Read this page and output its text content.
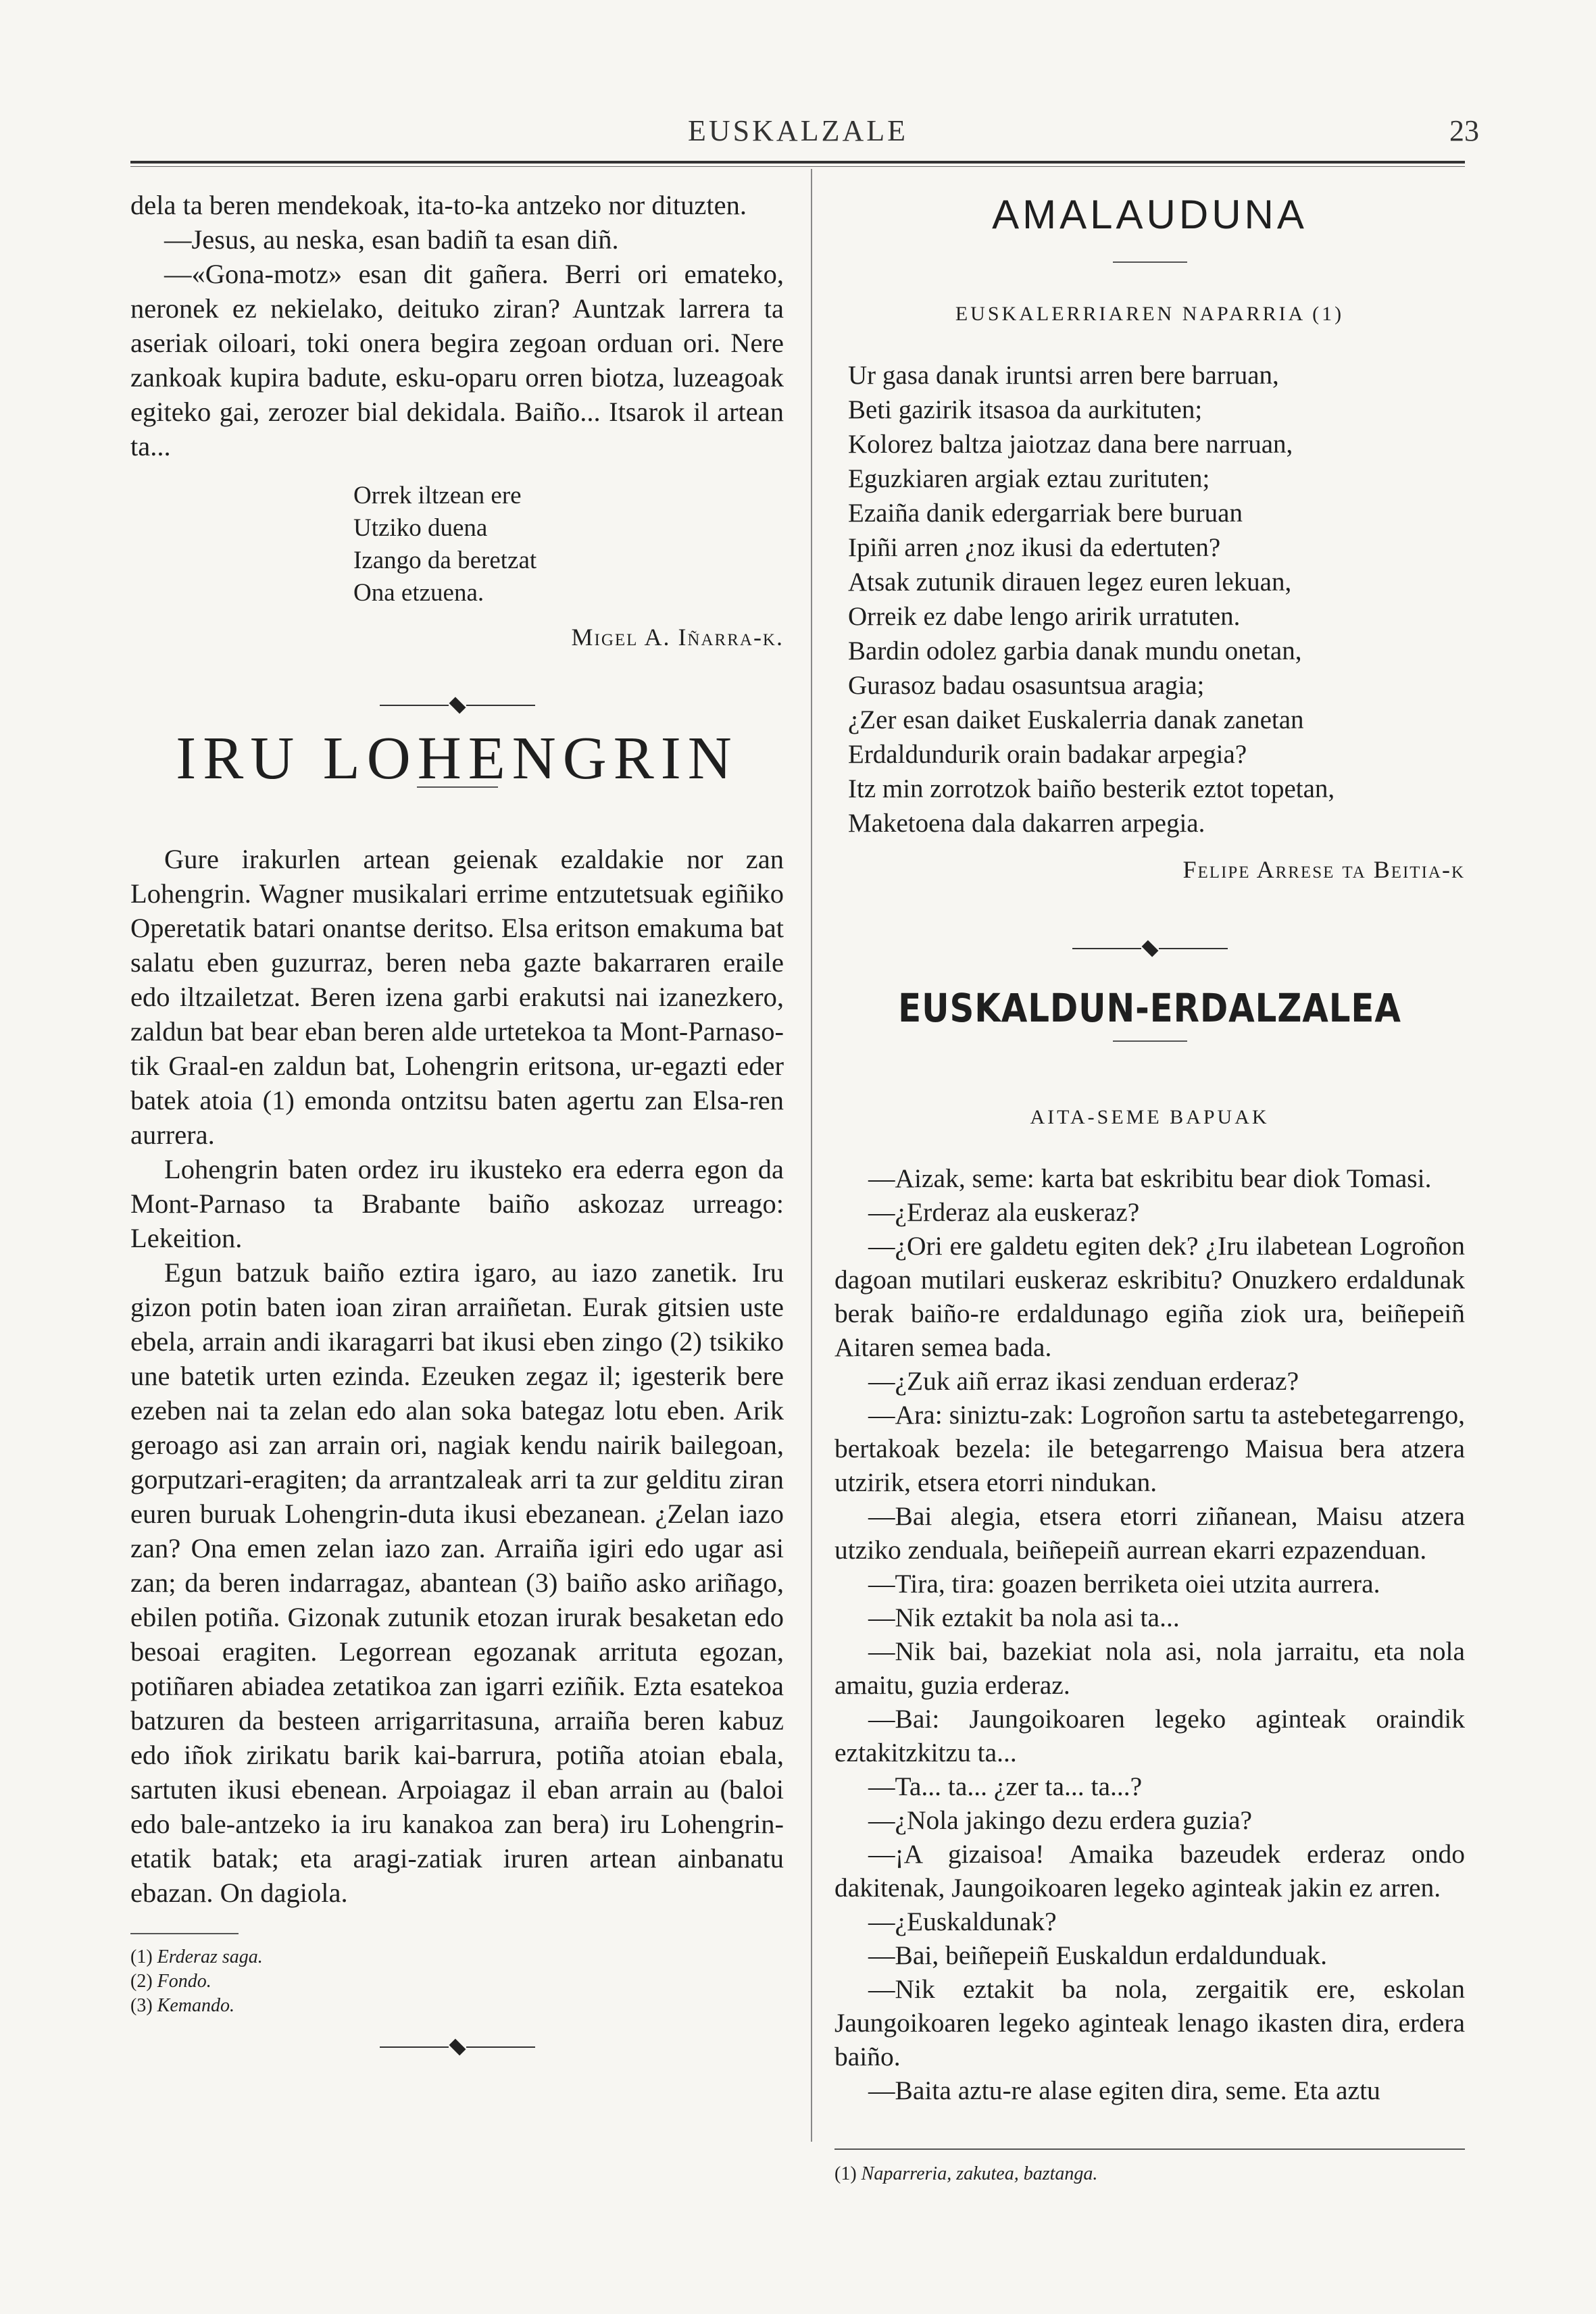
EUSKALZALE	23

dela ta beren mendekoak, ita-to-ka antzeko nor dituzten.

—Jesus, au neska, esan badiñ ta esan diñ.

—«Gona-motz» esan dit gañera. Berri ori emateko, neronek ez nekielako, deituko ziran? Auntzak larrera ta aseriak oiloari, toki onera begira zegoan orduan ori. Nere zankoak kupira badute, esku-oparu orren biotza, luzeagoak egiteko gai, zerozer bial dekidala. Baiño... Itsarok il artean ta...

Orrek iltzean ere
Utziko duena
Izango da beretzat
Ona etzuena.
Migel A. Iñarra-k.
IRU LOHENGRIN

Gure irakurlen artean geienak ezaldakie nor zan Lohengrin. Wagner musikalari errime entzutetsuak egiñiko Operetatik batari onantse deritso. Elsa eritson emakuma bat salatu eben guzurraz, beren neba gazte bakarraren eraile edo iltzailetzat. Beren izena garbi erakutsi nai izanezkero, zaldun bat bear eban beren alde urtetekoa ta Mont-Parnaso-tik Graal-en zaldun bat, Lohengrin eritsona, ur-egazti eder batek atoia (1) emonda ontzitsu baten agertu zan Elsa-ren aurrera.

Lohengrin baten ordez iru ikusteko era ederra egon da Mont-Parnaso ta Brabante baiño askozaz urreago: Lekeition.

Egun batzuk baiño eztira igaro, au iazo zanetik. Iru gizon potin baten ioan ziran arraiñetan. Eurak gitsien uste ebela, arrain andi ikaragarri bat ikusi eben zingo (2) tsikiko une batetik urten ezinda. Ezeuken zegaz il; igesterik bere ezeben nai ta zelan edo alan soka bategaz lotu eben. Arik geroago asi zan arrain ori, nagiak kendu nairik bailegoan, gorputzari-eragiten; da arrantzaleak arri ta zur gelditu ziran euren buruak Lohengrin-duta ikusi ebezanean. ¿Zelan iazo zan? Ona emen zelan iazo zan. Arraiña igiri edo ugar asi zan; da beren indarragaz, abantean (3) baiño asko ariñago, ebilen potiña. Gizonak zutunik etozan irurak besaketan edo besoai eragiten. Legorrean egozanak arrituta egozan, potiñaren abiadea zetatikoa zan igarri eziñik. Ezta esatekoa batzuren da besteen arrigarritasuna, arraiña beren kabuz edo iñok zirikatu barik kai-barrura, potiña atoian ebala, sartuten ikusi ebenean. Arpoiagaz il eban arrain au (baloi edo bale-antzeko ia iru kanakoa zan bera) iru Lohengrin-etatik batak; eta aragi-zatiak iruren artean ainbanatu ebazan. On dagiola.

(1) Erderaz saga.
(2) Fondo.
(3) Kemando.
AMALAUDUNA
EUSKALERRIAREN NAPARRIA (1)
Ur gasa danak iruntsi arren bere barruan,
Beti gazirik itsasoa da aurkituten;
Kolorez baltza jaiotzaz dana bere narruan,
Eguzkiaren argiak eztau zurituten;
Ezaiña danik edergarriak bere buruan
Ipiñi arren ¿noz ikusi da edertuten?
Atsak zutunik dirauen legez euren lekuan,
Orreik ez dabe lengo aririk urratuten.
Bardin odolez garbia danak mundu onetan,
Gurasoz badau osasuntsua aragia;
¿Zer esan daiket Euskalerria danak zanetan
Erdaldundurik orain badakar arpegia?
Itz min zorrotzok baiño besterik eztot topetan,
Maketoena dala dakarren arpegia.
Felipe Arrese ta Beitia-k
EUSKALDUN-ERDALZALEA
AITA-SEME BAPUAK

—Aizak, seme: karta bat eskribitu bear diok Tomasi.

—¿Erderaz ala euskeraz?

—¿Ori ere galdetu egiten dek? ¿Iru ilabetean Logroñon dagoan mutilari euskeraz eskribitu? Onuzkero erdaldunak berak baiño-re erdaldunago egiña ziok ura, beiñepeiñ Aitaren semea bada.

—¿Zuk aiñ erraz ikasi zenduan erderaz?

—Ara: siniztu-zak: Logroñon sartu ta astebetegarrengo, bertakoak bezela: ile betegarrengo Maisua bera atzera utzirik, etsera etorri nindukan.

—Bai alegia, etsera etorri ziñanean, Maisu atzera utziko zenduala, beiñepeiñ aurrean ekarri ezpazenduan.

—Tira, tira: goazen berriketa oiei utzita aurrera.

—Nik eztakit ba nola asi ta...

—Nik bai, bazekiat nola asi, nola jarraitu, eta nola amaitu, guzia erderaz.

—Bai: Jaungoikoaren legeko aginteak oraindik eztakitzkitzu ta...

—Ta... ta... ¿zer ta... ta...?

—¿Nola jakingo dezu erdera guzia?

—¡A gizaisoa! Amaika bazeudek erderaz ondo dakitenak, Jaungoikoaren legeko aginteak jakin ez arren.

—¿Euskaldunak?

—Bai, beiñepeiñ Euskaldun erdaldunduak.

—Nik eztakit ba nola, zergaitik ere, eskolan Jaungoikoaren legeko aginteak lenago ikasten dira, erdera baiño.

—Baita aztu-re alase egiten dira, seme. Eta aztu

(1) Naparreria, zakutea, baztanga.
